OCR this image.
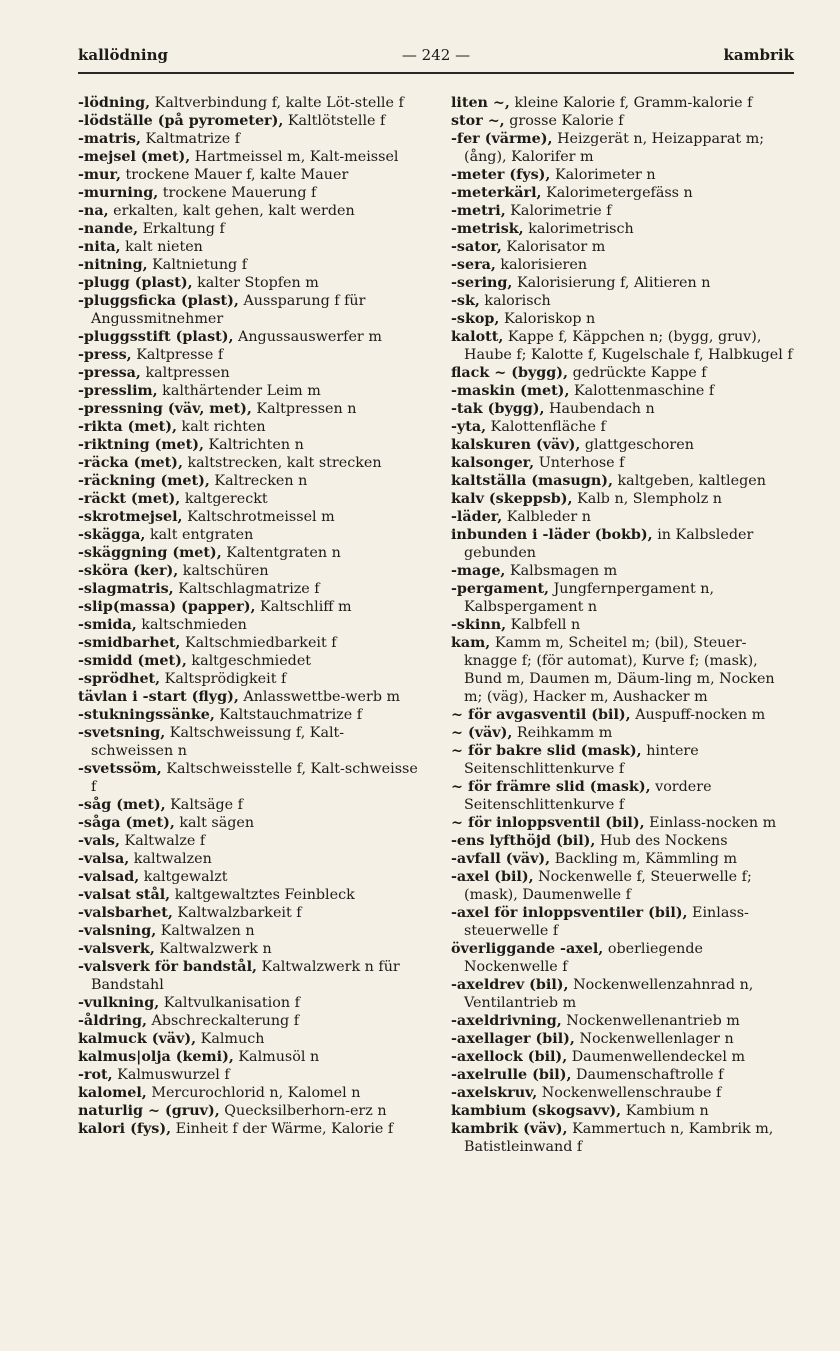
kallödning	— 242 —	kambrik
-lödning, Kaltverbindung f, kalte Löt-stelle f
-lödställe (på pyrometer), Kaltlötstelle f
-matris, Kaltmatrize f
-mejsel (met), Hartmeissel m, Kalt-meissel
-mur, trockene Mauer f, kalte Mauer
-murning, trockene Mauerung f
-na, erkalten, kalt gehen, kalt werden
-nande, Erkaltung f
-nita, kalt nieten
-nitning, Kaltnietung f
-plugg (plast), kalter Stopfen m
-pluggsficka (plast), Aussparung f für Angussmitnehmer
-pluggsstift (plast), Angussauswerfer m
-press, Kaltpresse f
-pressa, kaltpressen
-presslim, kalthärtender Leim m
-pressning (väv, met), Kaltpressen n
-rikta (met), kalt richten
-riktning (met), Kaltrichten n
-räcka (met), kaltstrecken, kalt strecken
-räckning (met), Kaltrecken n
-räckt (met), kaltgereckt
-skrotmejsel, Kaltschrotmeissel m
-skägga, kalt entgraten
-skäggning (met), Kaltentgraten n
-sköra (ker), kaltschüren
-slagmatris, Kaltschlagmatrize f
-slip(massa) (papper), Kaltschliff m
-smida, kaltschmieden
-smidbarhet, Kaltschmiedbarkeit f
-smidd (met), kaltgeschmiedet
-sprödhet, Kaltsprödigkeit f
tävlan i -start (flyg), Anlasswettbe-werb m
-stukningssänke, Kaltstauchmatrize f
-svetsning, Kaltschweissung f, Kalt-schweissen n
-svetssöm, Kaltschweisstelle f, Kalt-schweisse f
-såg (met), Kaltsäge f
-såga (met), kalt sägen
-vals, Kaltwalze f
-valsa, kaltwalzen
-valsad, kaltgewalzt
-valsat stål, kaltgewaltztes Feinbleck
-valsbarhet, Kaltwalzbarkeit f
-valsning, Kaltwalzen n
-valsverk, Kaltwalzwerk n
-valsverk för bandstål, Kaltwalzwerk n für Bandstahl
-vulkning, Kaltvulkanisation f
-åldring, Abschreckalterung f
kalmuck (väv), Kalmuch
kalmus|olja (kemi), Kalmusöl n
-rot, Kalmuswurzel f
kalomel, Mercurochlorid n, Kalomel n
naturlig ~ (gruv), Quecksilberhorn-erz n
kalori (fys), Einheit f der Wärme, Kalorie f
liten ~, kleine Kalorie f, Gramm-kalorie f
stor ~, grosse Kalorie f
-fer (värme), Heizgerät n, Heizapparat m; (ång), Kalorifer m
-meter (fys), Kalorimeter n
-meterkärl, Kalorimetergefäss n
-metri, Kalorimetrie f
-metrisk, kalorimetrisch
-sator, Kalorisator m
-sera, kalorisieren
-sering, Kalorisierung f, Alitieren n
-sk, kalorisch
-skop, Kaloriskop n
kalott, Kappe f, Käppchen n; (bygg, gruv), Haube f; Kalotte f, Kugelschale f, Halbkugel f
flack ~ (bygg), gedrückte Kappe f
-maskin (met), Kalottenmaschine f
-tak (bygg), Haubendach n
-yta, Kalottenfläche f
kalskuren (väv), glattgeschoren
kalsonger, Unterhose f
kaltställa (masugn), kaltgeben, kaltlegen
kalv (skeppsb), Kalb n, Slempholz n
-läder, Kalbleder n
inbunden i -läder (bokb), in Kalbsleder gebunden
-mage, Kalbsmagen m
-pergament, Jungfernpergament n, Kalbspergament n
-skinn, Kalbfell n
kam, Kamm m, Scheitel m; (bil), Steuer-knagge f; (för automat), Kurve f; (mask), Bund m, Daumen m, Däum-ling m, Nocken m; (väg), Hacker m, Aushacker m
~ för avgasventil (bil), Auspuff-nocken m
~ (väv), Reihkamm m
~ för bakre slid (mask), hintere Seitenschlittenkurve f
~ för främre slid (mask), vordere Seitenschlittenkurve f
~ för inloppsventil (bil), Einlass-nocken m
-ens lyfthöjd (bil), Hub des Nockens
-avfall (väv), Backling m, Kämmling m
-axel (bil), Nockenwelle f, Steuerwelle f; (mask), Daumenwelle f
-axel för inloppsventiler (bil), Einlass-steuerwelle f
överliggande -axel, oberliegende Nockenwelle f
-axeldrev (bil), Nockenwellenzahnrad n, Ventilantrieb m
-axeldrivning, Nockenwellenantrieb m
-axellager (bil), Nockenwellenlager n
-axellock (bil), Daumenwellendeckel m
-axelrulle (bil), Daumenschaftrolle f
-axelskruv, Nockenwellenschraube f
kambium (skogsavv), Kambium n
kambrik (väv), Kammertuch n, Kambrik m, Batistleinwand f
